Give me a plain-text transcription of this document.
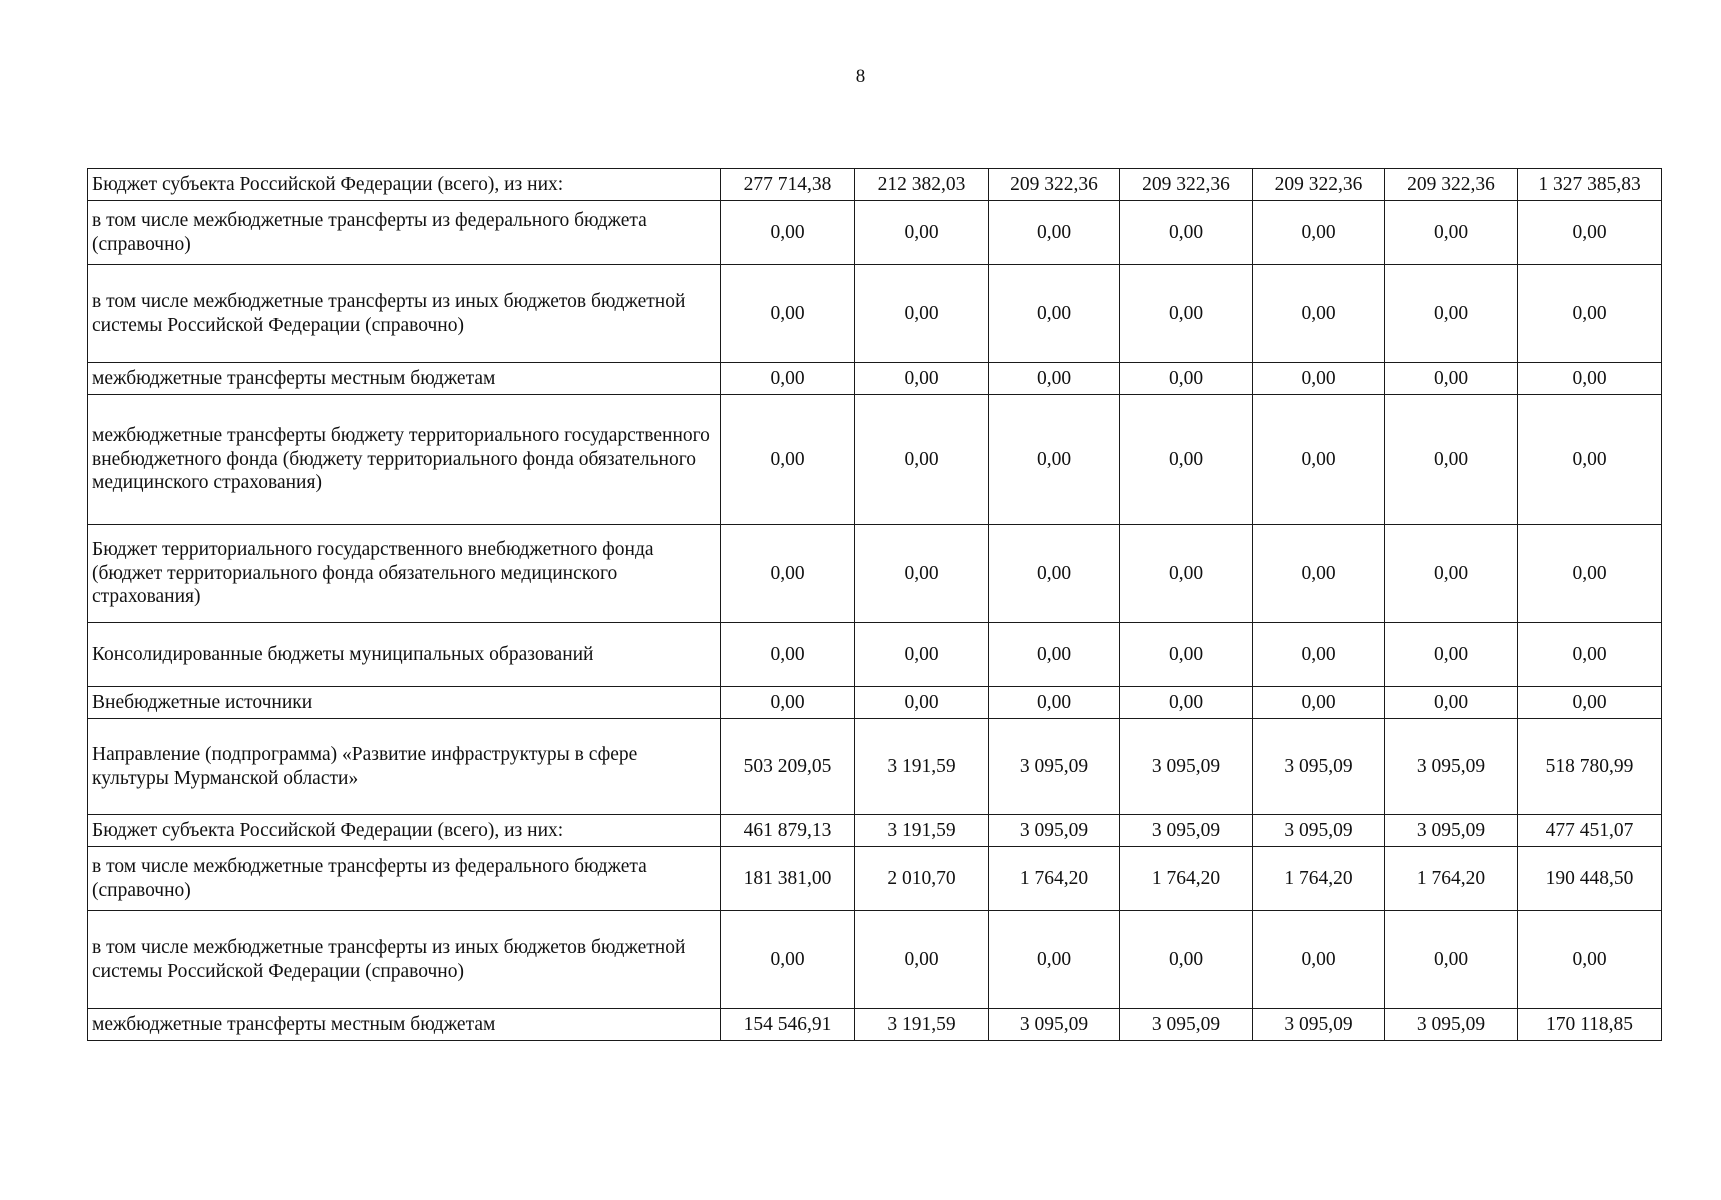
8
Бюджет субъекта Российской Федерации (всего), из них:	277 714,38	212 382,03	209 322,36	209 322,36	209 322,36	209 322,36	1 327 385,83
в том числе межбюджетные трансферты из федерального бюджета (справочно)	0,00	0,00	0,00	0,00	0,00	0,00	0,00
в том числе межбюджетные трансферты из иных бюджетов бюджетной системы Российской Федерации (справочно)	0,00	0,00	0,00	0,00	0,00	0,00	0,00
межбюджетные трансферты местным бюджетам	0,00	0,00	0,00	0,00	0,00	0,00	0,00
межбюджетные трансферты бюджету территориального государственного внебюджетного фонда (бюджету территориального фонда обязательного медицинского страхования)	0,00	0,00	0,00	0,00	0,00	0,00	0,00
Бюджет территориального государственного внебюджетного фонда (бюджет территориального фонда обязательного медицинского страхования)	0,00	0,00	0,00	0,00	0,00	0,00	0,00
Консолидированные бюджеты муниципальных образований	0,00	0,00	0,00	0,00	0,00	0,00	0,00
Внебюджетные источники	0,00	0,00	0,00	0,00	0,00	0,00	0,00
Направление (подпрограмма) «Развитие инфраструктуры в сфере культуры Мурманской области»	503 209,05	3 191,59	3 095,09	3 095,09	3 095,09	3 095,09	518 780,99
Бюджет субъекта Российской Федерации (всего), из них:	461 879,13	3 191,59	3 095,09	3 095,09	3 095,09	3 095,09	477 451,07
в том числе межбюджетные трансферты из федерального бюджета (справочно)	181 381,00	2 010,70	1 764,20	1 764,20	1 764,20	1 764,20	190 448,50
в том числе межбюджетные трансферты из иных бюджетов бюджетной системы Российской Федерации (справочно)	0,00	0,00	0,00	0,00	0,00	0,00	0,00
межбюджетные трансферты местным бюджетам	154 546,91	3 191,59	3 095,09	3 095,09	3 095,09	3 095,09	170 118,85
